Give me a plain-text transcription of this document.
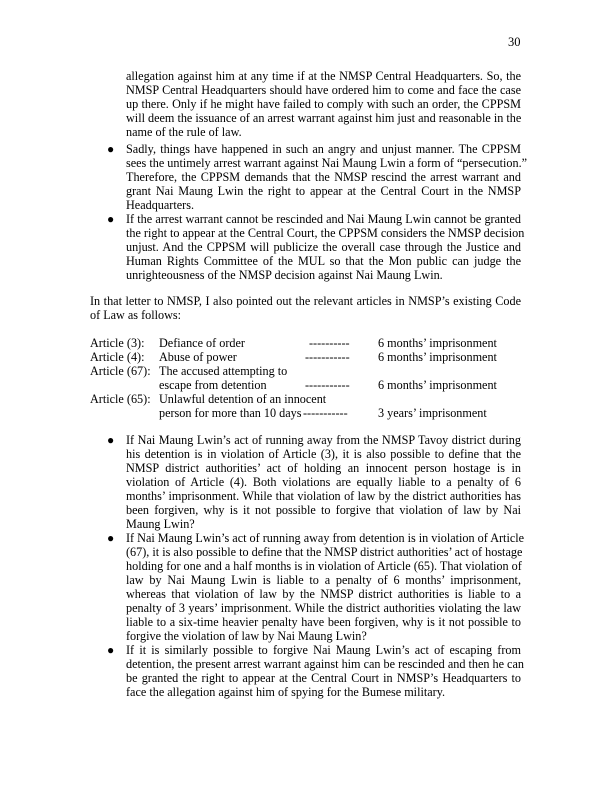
30
allegation against him at any time if at the NMSP Central Headquarters. So, the
NMSP Central Headquarters should have ordered him to come and face the case
up there. Only if he might have failed to comply with such an order, the CPPSM
will deem the issuance of an arrest warrant against him just and reasonable in the
name of the rule of law.
● Sadly, things have happened in such an angry and unjust manner. The CPPSM
sees the untimely arrest warrant against Nai Maung Lwin a form of “persecution.”
Therefore, the CPPSM demands that the NMSP rescind the arrest warrant and
grant Nai Maung Lwin the right to appear at the Central Court in the NMSP
Headquarters.
● If the arrest warrant cannot be rescinded and Nai Maung Lwin cannot be granted
the right to appear at the Central Court, the CPPSM considers the NMSP decision
unjust. And the CPPSM will publicize the overall case through the Justice and
Human Rights Committee of the MUL so that the Mon public can judge the
unrighteousness of the NMSP decision against Nai Maung Lwin.
In that letter to NMSP, I also pointed out the relevant articles in NMSP’s existing Code
of Law as follows:
Article (3): Defiance of order	---------- 6 months’ imprisonment
Article (4): Abuse of power	----------- 6 months’ imprisonment
Article (67): The accused attempting to
escape from detention	----------- 6 months’ imprisonment
Article (65): Unlawful detention of an innocent
person for more than 10 days ----------- 3 years’ imprisonment
● If Nai Maung Lwin’s act of running away from the NMSP Tavoy district during
his detention is in violation of Article (3), it is also possible to define that the
NMSP district authorities’ act of holding an innocent person hostage is in
violation of Article (4). Both violations are equally liable to a penalty of 6
months’ imprisonment. While that violation of law by the district authorities has
been forgiven, why is it not possible to forgive that violation of law by Nai
Maung Lwin?
● If Nai Maung Lwin’s act of running away from detention is in violation of Article
(67), it is also possible to define that the NMSP district authorities’ act of hostage
holding for one and a half months is in violation of Article (65). That violation of
law by Nai Maung Lwin is liable to a penalty of 6 months’ imprisonment,
whereas that violation of law by the NMSP district authorities is liable to a
penalty of 3 years’ imprisonment. While the district authorities violating the law
liable to a six-time heavier penalty have been forgiven, why is it not possible to
forgive the violation of law by Nai Maung Lwin?
● If it is similarly possible to forgive Nai Maung Lwin’s act of escaping from
detention, the present arrest warrant against him can be rescinded and then he can
be granted the right to appear at the Central Court in NMSP’s Headquarters to
face the allegation against him of spying for the Bumese military.
